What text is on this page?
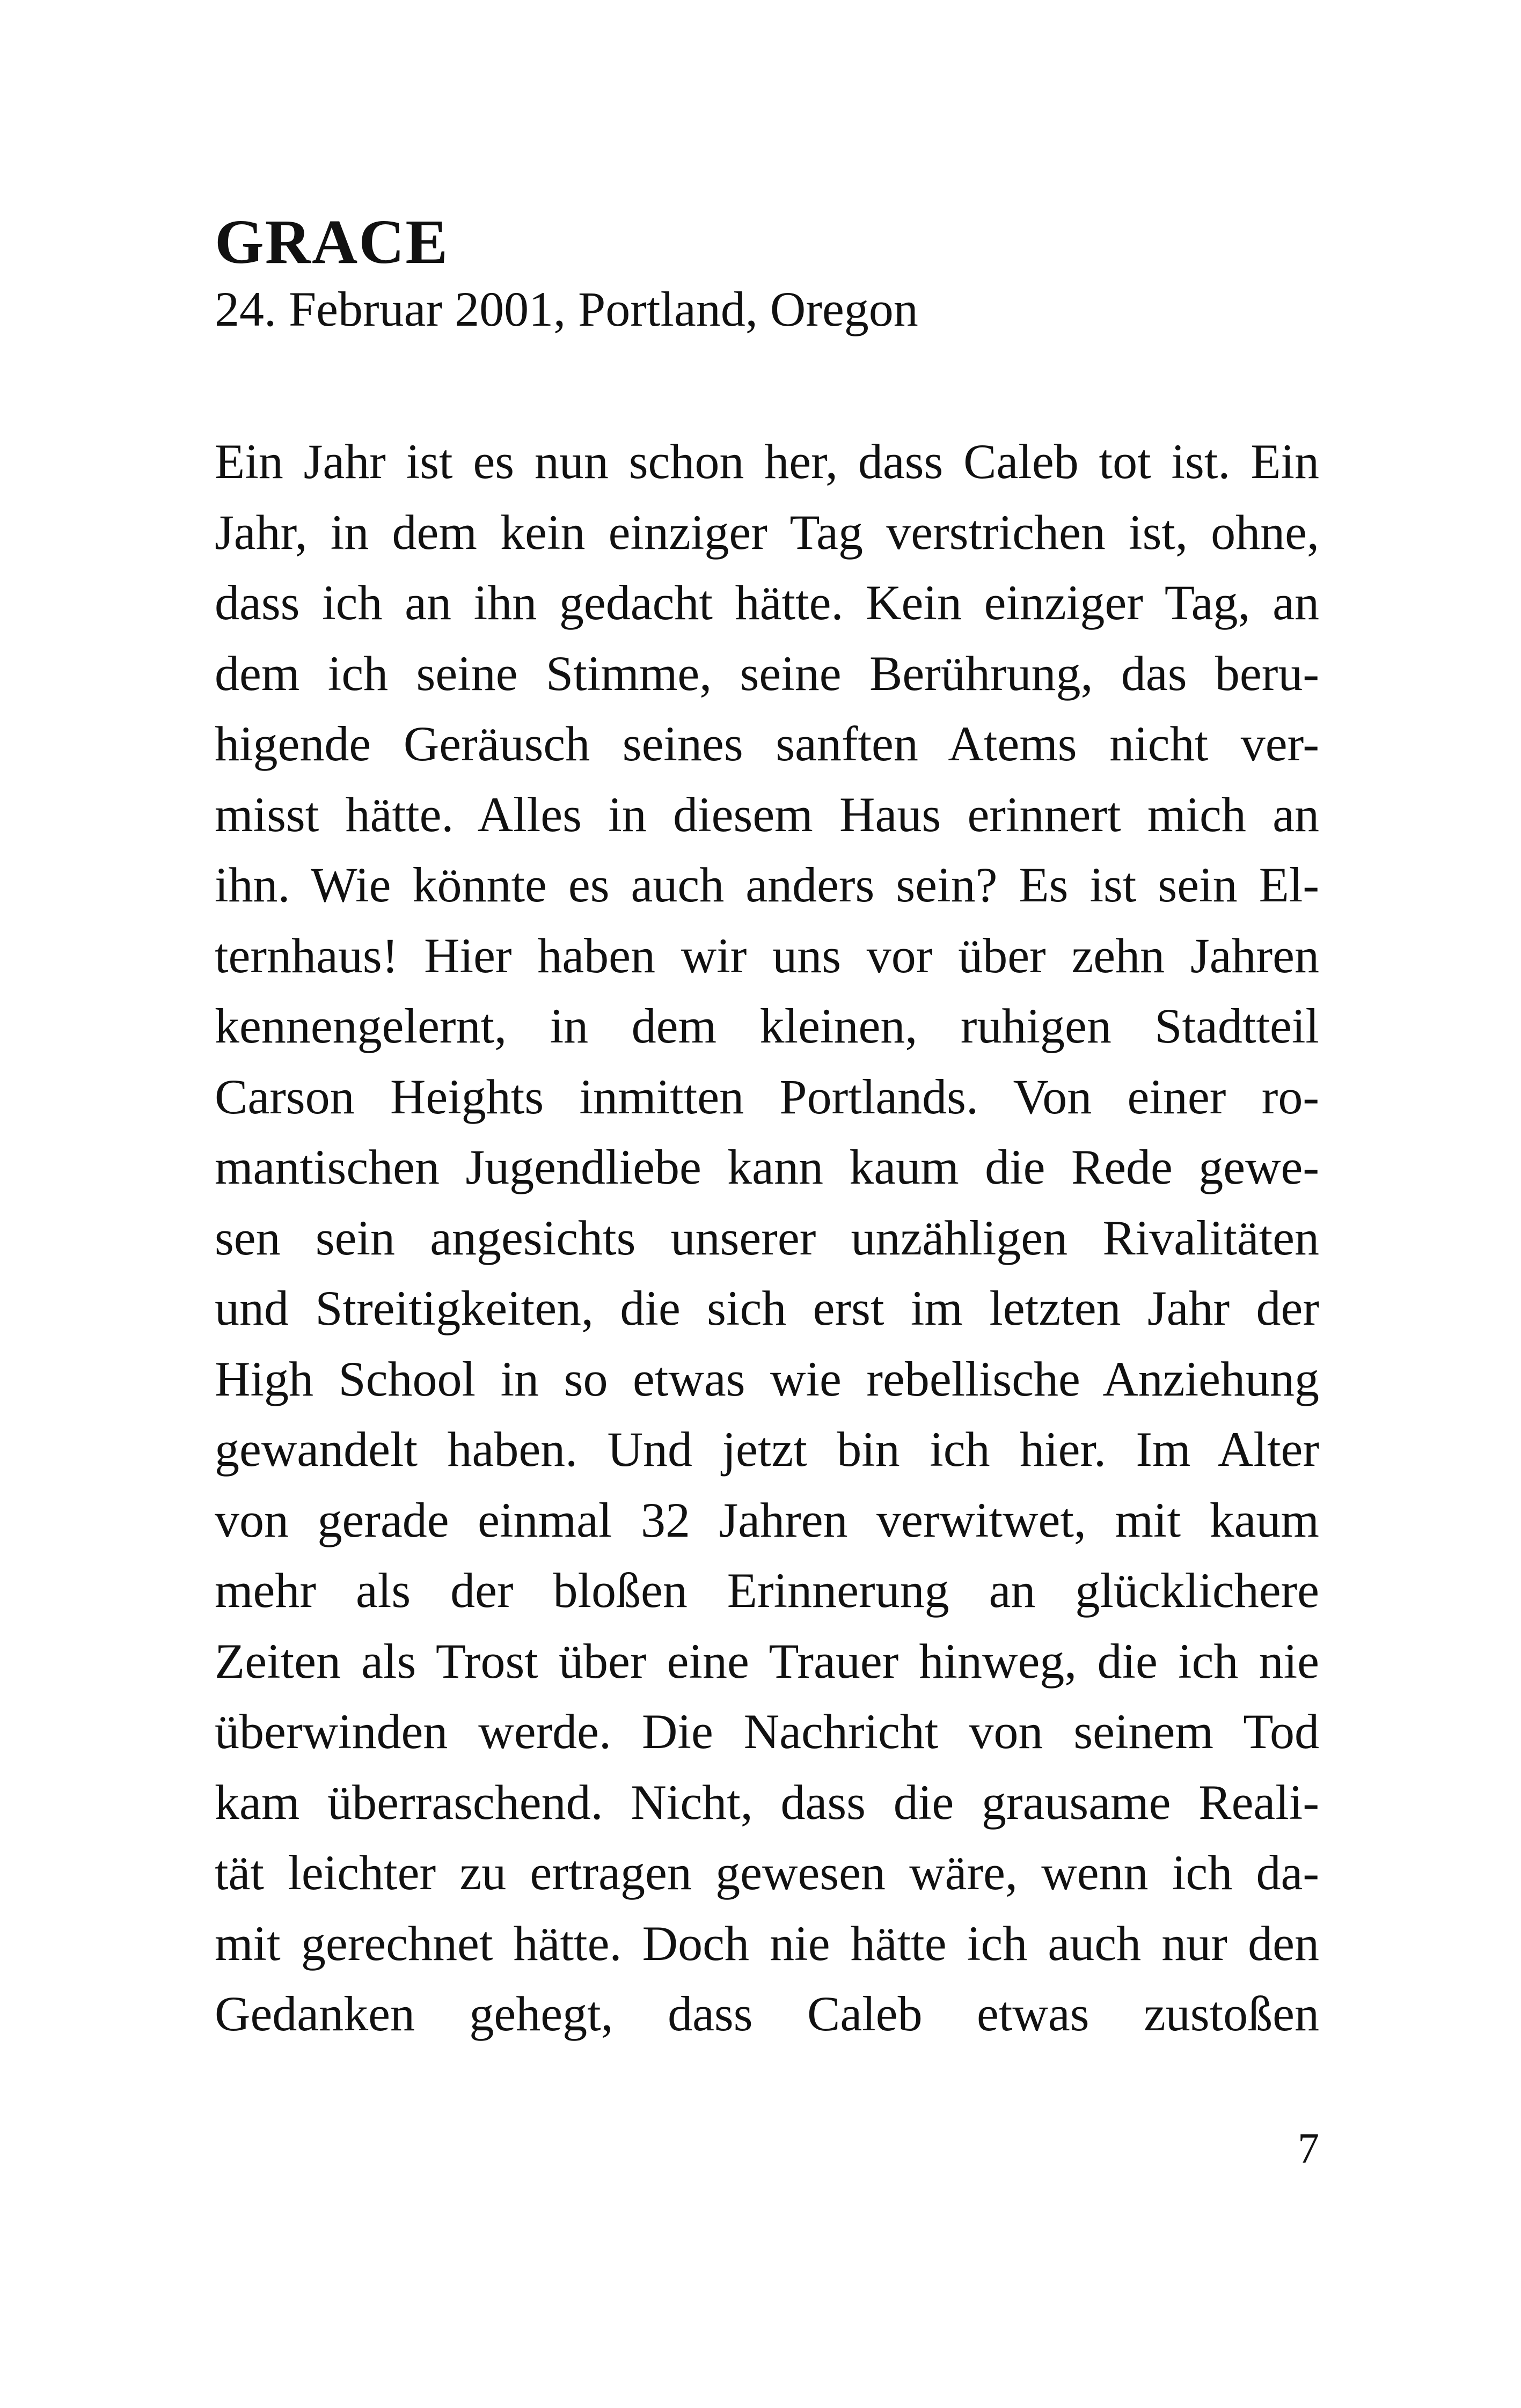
GRACE

24. Februar 2001, Portland, Oregon

Ein Jahr ist es nun schon her, dass Caleb tot ist. Ein
Jahr, in dem kein einziger Tag verstrichen ist, ohne,
dass ich an ihn gedacht hätte. Kein einziger Tag, an
dem ich seine Stimme, seine Berührung, das beru-
higende Geräusch seines sanften Atems nicht ver-
misst hätte. Alles in diesem Haus erinnert mich an
ihn. Wie könnte es auch anders sein? Es ist sein El-
ternhaus! Hier haben wir uns vor über zehn Jahren
kennengelernt, in dem kleinen, ruhigen Stadtteil
Carson Heights inmitten Portlands. Von einer ro-
mantischen Jugendliebe kann kaum die Rede gewe-
sen sein angesichts unserer unzähligen Rivalitäten
und Streitigkeiten, die sich erst im letzten Jahr der
High School in so etwas wie rebellische Anziehung
gewandelt haben. Und jetzt bin ich hier. Im Alter
von gerade einmal 32 Jahren verwitwet, mit kaum
mehr als der bloßen Erinnerung an glücklichere
Zeiten als Trost über eine Trauer hinweg, die ich nie
überwinden werde. Die Nachricht von seinem Tod
kam überraschend. Nicht, dass die grausame Reali-
tät leichter zu ertragen gewesen wäre, wenn ich da-
mit gerechnet hätte. Doch nie hätte ich auch nur den
Gedanken gehegt, dass Caleb etwas zustoßen
7
